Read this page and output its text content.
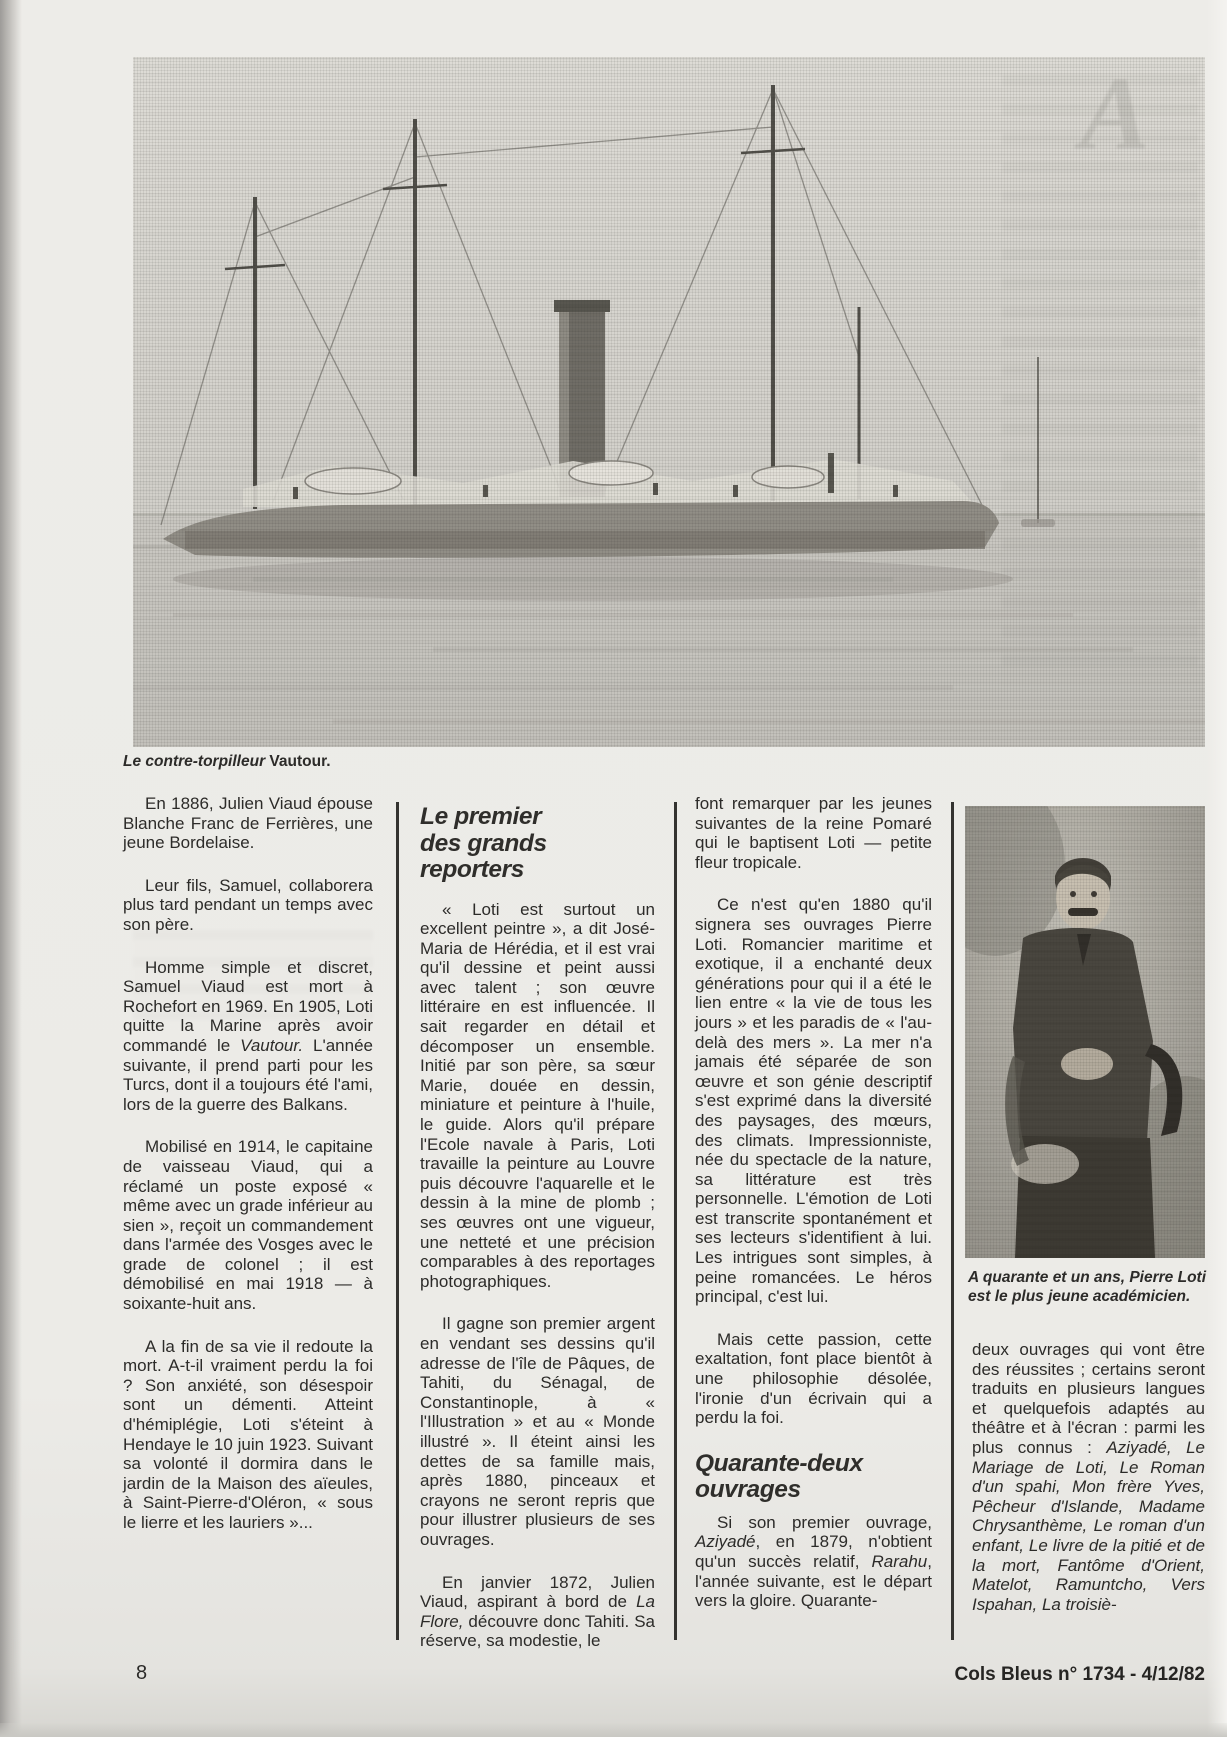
Le contre-torpilleur Vautour.

En 1886, Julien Viaud épouse Blanche Franc de Ferrières, une jeune Bordelaise.

Leur fils, Samuel, collaborera plus tard pendant un temps avec son père.

Homme simple et discret, Samuel Viaud est mort à Rochefort en 1969. En 1905, Loti quitte la Marine après avoir commandé le Vautour. L'année suivante, il prend parti pour les Turcs, dont il a toujours été l'ami, lors de la guerre des Balkans.

Mobilisé en 1914, le capitaine de vaisseau Viaud, qui a réclamé un poste exposé « même avec un grade inférieur au sien », reçoit un commandement dans l'armée des Vosges avec le grade de colonel ; il est démobilisé en mai 1918 — à soixante-huit ans.

A la fin de sa vie il redoute la mort. A-t-il vraiment perdu la foi ? Son anxiété, son désespoir sont un démenti. Atteint d'hémiplégie, Loti s'éteint à Hendaye le 10 juin 1923. Suivant sa volonté il dormira dans le jardin de la Maison des aïeules, à Saint-Pierre-d'Oléron, « sous le lierre et les lauriers »...

Le premier
des grands reporters

« Loti est surtout un excellent peintre », a dit José-Maria de Hérédia, et il est vrai qu'il dessine et peint aussi avec talent ; son œuvre littéraire en est influencée. Il sait regarder en détail et décomposer un ensemble. Initié par son père, sa sœur Marie, douée en dessin, miniature et peinture à l'huile, le guide. Alors qu'il prépare l'Ecole navale à Paris, Loti travaille la peinture au Louvre puis découvre l'aquarelle et le dessin à la mine de plomb ; ses œuvres ont une vigueur, une netteté et une précision comparables à des reportages photographiques.

Il gagne son premier argent en vendant ses dessins qu'il adresse de l'île de Pâques, de Tahiti, du Sénagal, de Constantinople, à « l'Illustration » et au « Monde illustré ». Il éteint ainsi les dettes de sa famille mais, après 1880, pinceaux et crayons ne seront repris que pour illustrer plusieurs de ses ouvrages.

En janvier 1872, Julien Viaud, aspirant à bord de La Flore, découvre donc Tahiti. Sa réserve, sa modestie, le

font remarquer par les jeunes suivantes de la reine Pomaré qui le baptisent Loti — petite fleur tropicale.

Ce n'est qu'en 1880 qu'il signera ses ouvrages Pierre Loti. Romancier maritime et exotique, il a enchanté deux générations pour qui il a été le lien entre « la vie de tous les jours » et les paradis de « l'au-delà des mers ». La mer n'a jamais été séparée de son œuvre et son génie descriptif s'est exprimé dans la diversité des paysages, des mœurs, des climats. Impressionniste, née du spectacle de la nature, sa littérature est très personnelle. L'émotion de Loti est transcrite spontanément et ses lecteurs s'identifient à lui. Les intrigues sont simples, à peine romancées. Le héros principal, c'est lui.

Mais cette passion, cette exaltation, font place bientôt à une philosophie désolée, l'ironie d'un écrivain qui a perdu la foi.

Quarante-deux
ouvrages

Si son premier ouvrage, Aziyadé, en 1879, n'obtient qu'un succès relatif, Rarahu, l'année suivante, est le départ vers la gloire. Quarante-

A quarante et un ans, Pierre Loti est le plus jeune académicien.

deux ouvrages qui vont être des réussites ; certains seront traduits en plusieurs langues et quelquefois adaptés au théâtre et à l'écran : parmi les plus connus : Aziyadé, Le Mariage de Loti, Le Roman d'un spahi, Mon frère Yves, Pêcheur d'Islande, Madame Chrysanthème, Le roman d'un enfant, Le livre de la pitié et de la mort, Fantôme d'Orient, Matelot, Ramuntcho, Vers Ispahan, La troisiè-

8	Cols Bleus n° 1734 - 4/12/82
